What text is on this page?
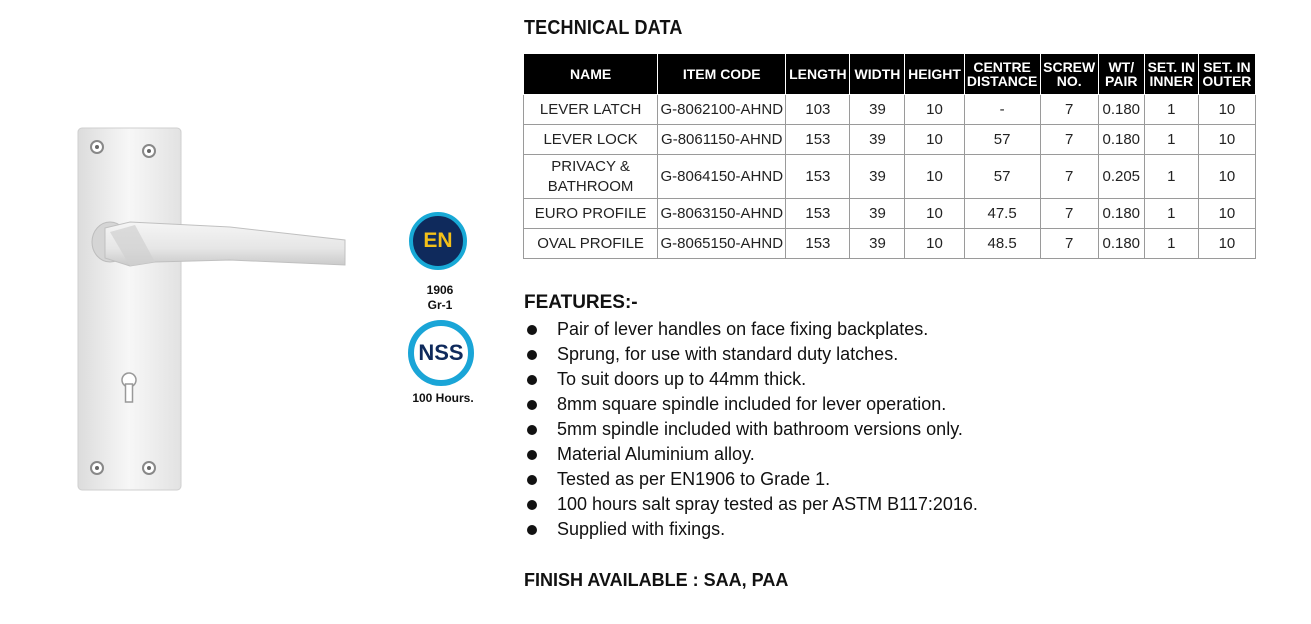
EN
1906
Gr-1
NSS
100 Hours.
TECHNICAL DATA
NAME	ITEM CODE	LENGTH	WIDTH	HEIGHT	CENTRE DISTANCE	SCREW NO.	WT/ PAIR	SET. IN INNER	SET. IN OUTER
LEVER LATCH	G-8062100-AHND	103	39	10	-	7	0.180	1	10
LEVER LOCK	G-8061150-AHND	153	39	10	57	7	0.180	1	10
PRIVACY & BATHROOM	G-8064150-AHND	153	39	10	57	7	0.205	1	10
EURO PROFILE	G-8063150-AHND	153	39	10	47.5	7	0.180	1	10
OVAL PROFILE	G-8065150-AHND	153	39	10	48.5	7	0.180	1	10
FEATURES:-
Pair of lever handles on face fixing backplates.
Sprung, for use with standard duty latches.
To suit doors up to 44mm thick.
8mm square spindle included for lever operation.
5mm spindle included with bathroom versions only.
Material Aluminium alloy.
Tested as per EN1906 to Grade 1.
100 hours salt spray tested as per ASTM B117:2016.
Supplied with fixings.
FINISH AVAILABLE : SAA, PAA
